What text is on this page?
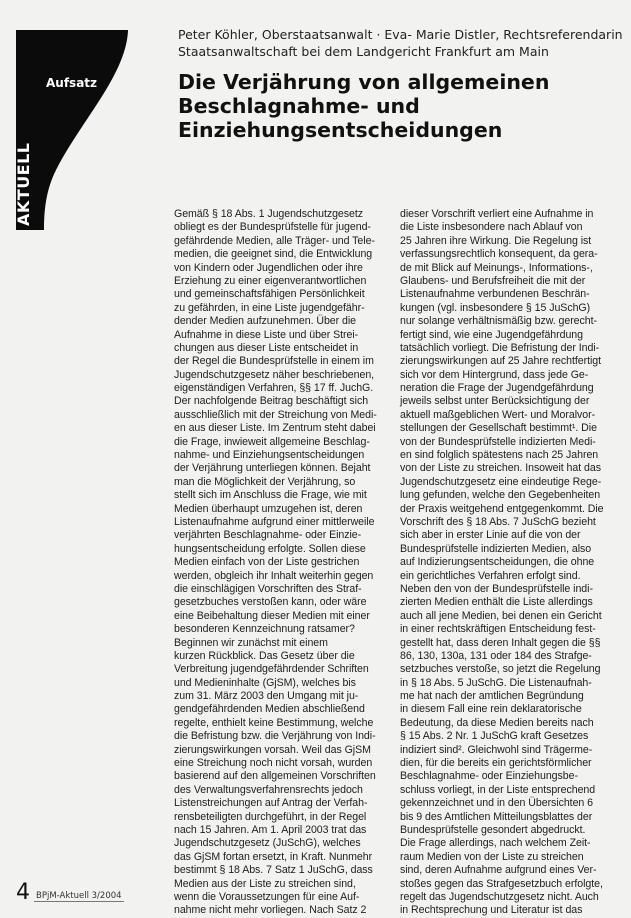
Aufsatz
AKTUELL
Peter Köhler, Oberstaatsanwalt · Eva- Marie Distler, Rechtsreferendarin
Staatsanwaltschaft bei dem Landgericht Frankfurt am Main
Die Verjährung von allgemeinen
Beschlagnahme- und
Einziehungsentscheidungen
Gemäß § 18 Abs. 1 Jugendschutzgesetz
obliegt es der Bundesprüfstelle für jugend-
gefährdende Medien, alle Träger- und Tele-
medien, die geeignet sind, die Entwicklung
von Kindern oder Jugendlichen oder ihre
Erziehung zu einer eigenverantwortlichen
und gemeinschaftsfähigen Persönlichkeit
zu gefährden, in eine Liste jugendgefähr-
dender Medien aufzunehmen. Über die
Aufnahme in diese Liste und über Strei-
chungen aus dieser Liste entscheidet in
der Regel die Bundesprüfstelle in einem im
Jugendschutzgesetz näher beschriebenen,
eigenständigen Verfahren, §§ 17 ff. JuchG.
Der nachfolgende Beitrag beschäftigt sich
ausschließlich mit der Streichung von Medi-
en aus dieser Liste. Im Zentrum steht dabei
die Frage, inwieweit allgemeine Beschlag-
nahme- und Einziehungsentscheidungen
der Verjährung unterliegen können. Bejaht
man die Möglichkeit der Verjährung, so
stellt sich im Anschluss die Frage, wie mit
Medien überhaupt umzugehen ist, deren
Listenaufnahme aufgrund einer mittlerweile
verjährten Beschlagnahme- oder Einzie-
hungsentscheidung erfolgte. Sollen diese
Medien einfach von der Liste gestrichen
werden, obgleich ihr Inhalt weiterhin gegen
die einschlägigen Vorschriften des Straf-
gesetzbuches verstoßen kann, oder wäre
eine Beibehaltung dieser Medien mit einer
besonderen Kennzeichnung ratsamer?
Beginnen wir zunächst mit einem
kurzen Rückblick. Das Gesetz über die
Verbreitung jugendgefährdender Schriften
und Medieninhalte (GjSM), welches bis
zum 31. März 2003 den Umgang mit ju-
gendgefährdenden Medien abschließend
regelte, enthielt keine Bestimmung, welche
die Befristung bzw. die Verjährung von Indi-
zierungswirkungen vorsah. Weil das GjSM
eine Streichung noch nicht vorsah, wurden
basierend auf den allgemeinen Vorschriften
des Verwaltungsverfahrensrechts jedoch
Listenstreichungen auf Antrag der Verfah-
rensbeteiligten durchgeführt, in der Regel
nach 15 Jahren. Am 1. April 2003 trat das
Jugendschutzgesetz (JuSchG), welches
das GjSM fortan ersetzt, in Kraft. Nunmehr
bestimmt § 18 Abs. 7 Satz 1 JuSchG, dass
Medien aus der Liste zu streichen sind,
wenn die Voraussetzungen für eine Auf-
nahme nicht mehr vorliegen. Nach Satz 2
dieser Vorschrift verliert eine Aufnahme in
die Liste insbesondere nach Ablauf von
25 Jahren ihre Wirkung. Die Regelung ist
verfassungsrechtlich konsequent, da gera-
de mit Blick auf Meinungs-, Informations-,
Glaubens- und Berufsfreiheit die mit der
Listenaufnahme verbundenen Beschrän-
kungen (vgl. insbesondere § 15 JuSchG)
nur solange verhältnismäßig bzw. gerecht-
fertigt sind, wie eine Jugendgefährdung
tatsächlich vorliegt. Die Befristung der Indi-
zierungswirkungen auf 25 Jahre rechtfertigt
sich vor dem Hintergrund, dass jede Ge-
neration die Frage der Jugendgefährdung
jeweils selbst unter Berücksichtigung der
aktuell maßgeblichen Wert- und Moralvor-
stellungen der Gesellschaft bestimmt¹. Die
von der Bundesprüfstelle indizierten Medi-
en sind folglich spätestens nach 25 Jahren
von der Liste zu streichen. Insoweit hat das
Jugendschutzgesetz eine eindeutige Rege-
lung gefunden, welche den Gegebenheiten
der Praxis weitgehend entgegenkommt. Die
Vorschrift des § 18 Abs. 7 JuSchG bezieht
sich aber in erster Linie auf die von der
Bundesprüfstelle indizierten Medien, also
auf Indizierungsentscheidungen, die ohne
ein gerichtliches Verfahren erfolgt sind.
Neben den von der Bundesprüfstelle indi-
zierten Medien enthält die Liste allerdings
auch all jene Medien, bei denen ein Gericht
in einer rechtskräftigen Entscheidung fest-
gestellt hat, dass deren Inhalt gegen die §§
86, 130, 130a, 131 oder 184 des Strafge-
setzbuches verstoße, so jetzt die Regelung
in § 18 Abs. 5 JuSchG. Die Listenaufnah-
me hat nach der amtlichen Begründung
in diesem Fall eine rein deklaratorische
Bedeutung, da diese Medien bereits nach
§ 15 Abs. 2 Nr. 1 JuSchG kraft Gesetzes
indiziert sind². Gleichwohl sind Trägerme-
dien, für die bereits ein gerichtsförmlicher
Beschlagnahme- oder Einziehungsbe-
schluss vorliegt, in der Liste entsprechend
gekennzeichnet und in den Übersichten 6
bis 9 des Amtlichen Mitteilungsblattes der
Bundesprüfstelle gesondert abgedruckt.
Die Frage allerdings, nach welchem Zeit-
raum Medien von der Liste zu streichen
sind, deren Aufnahme aufgrund eines Ver-
stoßes gegen das Strafgesetzbuch erfolgte,
regelt das Jugendschutzgesetz nicht. Auch
in Rechtsprechung und Literatur ist das
4 BPjM-Aktuell 3/2004
